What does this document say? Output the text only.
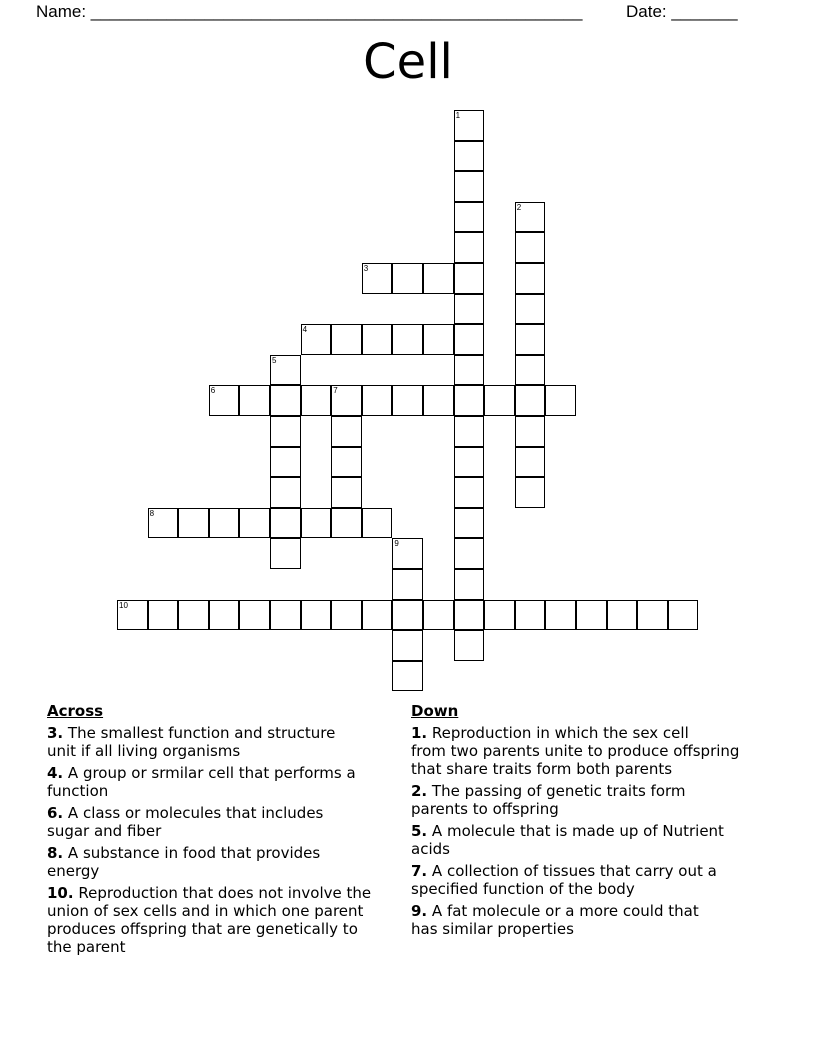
Name: ____________________________________________________	Date: _______
Cell
1
2
3
4
5
6	7
8
9
10
Across
3. The smallest function and structure
unit if all living organisms
4. A group or srmilar cell that performs a
function
6. A class or molecules that includes
sugar and fiber
8. A substance in food that provides
energy
10. Reproduction that does not involve the
union of sex cells and in which one parent
produces offspring that are genetically to
the parent
Down
1. Reproduction in which the sex cell
from two parents unite to produce offspring
that share traits form both parents
2. The passing of genetic traits form
parents to offspring
5. A molecule that is made up of Nutrient
acids
7. A collection of tissues that carry out a
specified function of the body
9. A fat molecule or a more could that
has similar properties
